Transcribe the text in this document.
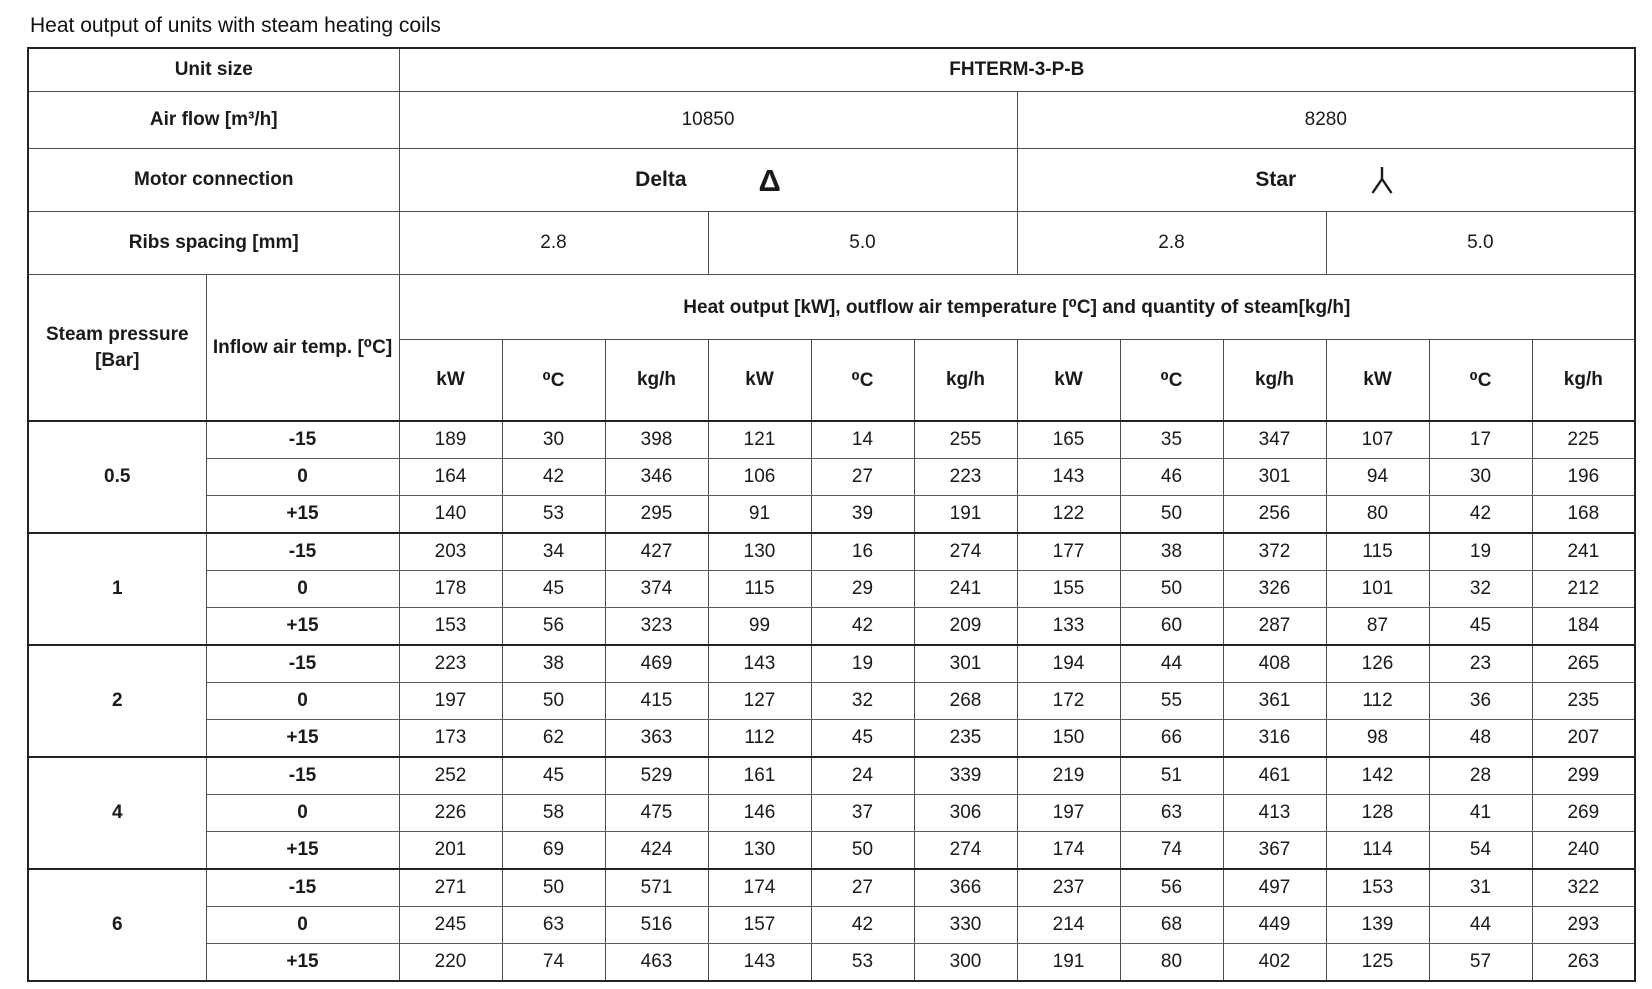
Heat output of units with steam heating coils
Unit size		FHTERM-3-P-B											
Air flow [m³/h]		10850						8280					
Motor connection		Delta Δ						Star					

Ribs spacing [mm]		2.8			5.0			2.8			5.0		
Steam pressure [Bar]	Inflow air temp. [⁰C]	Heat output [kW], outflow air temperature [⁰C] and quantity of steam[kg/h]											
		kW	⁰C	kg/h	kW	⁰C	kg/h	kW	⁰C	kg/h	kW	⁰C	kg/h
0.5	-15	189	30	398	121	14	255	165	35	347	107	17	225
	0	164	42	346	106	27	223	143	46	301	94	30	196
	+15	140	53	295	91	39	191	122	50	256	80	42	168
1	-15	203	34	427	130	16	274	177	38	372	115	19	241
	0	178	45	374	115	29	241	155	50	326	101	32	212
	+15	153	56	323	99	42	209	133	60	287	87	45	184
2	-15	223	38	469	143	19	301	194	44	408	126	23	265
	0	197	50	415	127	32	268	172	55	361	112	36	235
	+15	173	62	363	112	45	235	150	66	316	98	48	207
4	-15	252	45	529	161	24	339	219	51	461	142	28	299
	0	226	58	475	146	37	306	197	63	413	128	41	269
	+15	201	69	424	130	50	274	174	74	367	114	54	240
6	-15	271	50	571	174	27	366	237	56	497	153	31	322
	0	245	63	516	157	42	330	214	68	449	139	44	293
	+15	220	74	463	143	53	300	191	80	402	125	57	263
